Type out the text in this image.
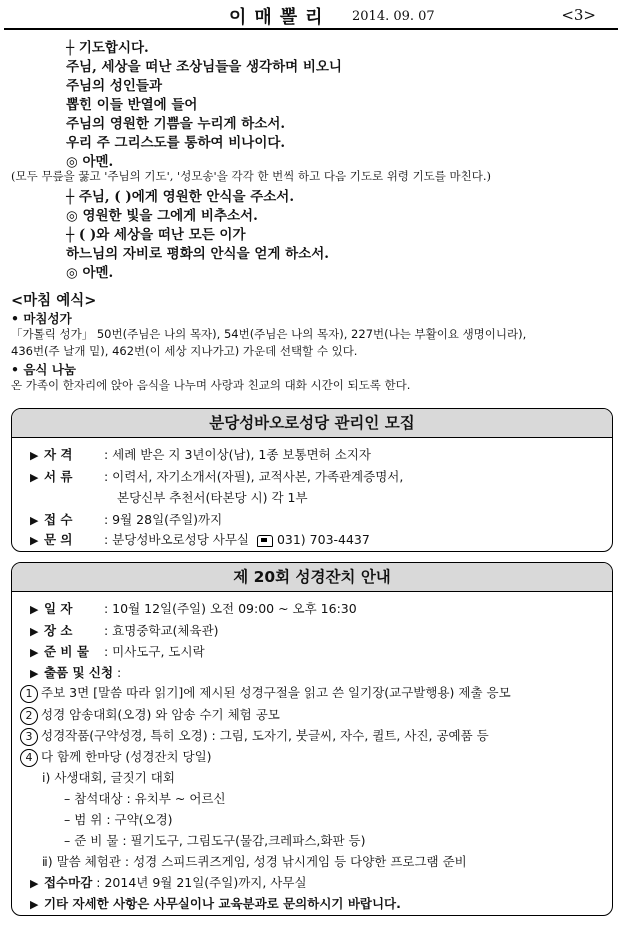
이매뽈리 2014. 09. 07	<3>
┼ 기도합시다.
주님, 세상을 떠난 조상님들을 생각하며 비오니
주님의 성인들과
뽑힌 이들 반열에 들어
주님의 영원한 기쁨을 누리게 하소서.
우리 주 그리스도를 통하여 비나이다.
◎ 아멘.
(모두 무릎을 꿇고 '주님의 기도', '성모송'을 각각 한 번씩 하고 다음 기도로 위령 기도를 마친다.)
┼ 주님, ( )에게 영원한 안식을 주소서.
◎ 영원한 빛을 그에게 비추소서.
┼ ( )와 세상을 떠난 모든 이가
하느님의 자비로 평화의 안식을 얻게 하소서.
◎ 아멘.
<마침 예식>
• 마침성가
「가톨릭 성가」 50번(주님은 나의 목자), 54번(주님은 나의 목자), 227번(나는 부활이요 생명이니라),
436번(주 날개 밑), 462번(이 세상 지나가고) 가운데 선택할 수 있다.
• 음식 나눔
온 가족이 한자리에 앉아 음식을 나누며 사랑과 친교의 대화 시간이 되도록 한다.
분당성바오로성당 관리인 모집
▶ 자 격	: 세례 받은 지 3년이상(남), 1종 보통면허 소지자
▶ 서 류	: 이력서, 자기소개서(자필), 교적사본, 가족관계증명서,
본당신부 추천서(타본당 시) 각 1부
▶ 접 수	: 9월 28일(주일)까지
▶ 문 의	: 분당성바오로성당 사무실 031) 703-4437
제 20회 성경잔치 안내
▶ 일 자	: 10월 12일(주일) 오전 09:00 ~ 오후 16:30
▶ 장 소	: 효명중학교(체육관)
▶ 준 비 물 : 미사도구, 도시락
▶ 출품 및 신청 :
1 주보 3면 [말씀 따라 읽기]에 제시된 성경구절을 읽고 쓴 일기장(교구발행용) 제출 응모
2 성경 암송대회(오경) 와 암송 수기 체험 공모
3 성경작품(구약성경, 특히 오경) : 그림, 도자기, 붓글씨, 자수, 퀼트, 사진, 공예품 등
4 다 함께 한마당 (성경잔치 당일)
ⅰ) 사생대회, 글짓기 대회
– 참석대상 : 유치부 ~ 어르신
– 범 위 : 구약(오경)
– 준 비 물 : 필기도구, 그림도구(물감,크레파스,화판 등)
ⅱ) 말씀 체험관 : 성경 스피드퀴즈게임, 성경 낚시게임 등 다양한 프로그램 준비
▶ 접수마감 : 2014년 9월 21일(주일)까지, 사무실
▶ 기타 자세한 사항은 사무실이나 교육분과로 문의하시기 바랍니다.
